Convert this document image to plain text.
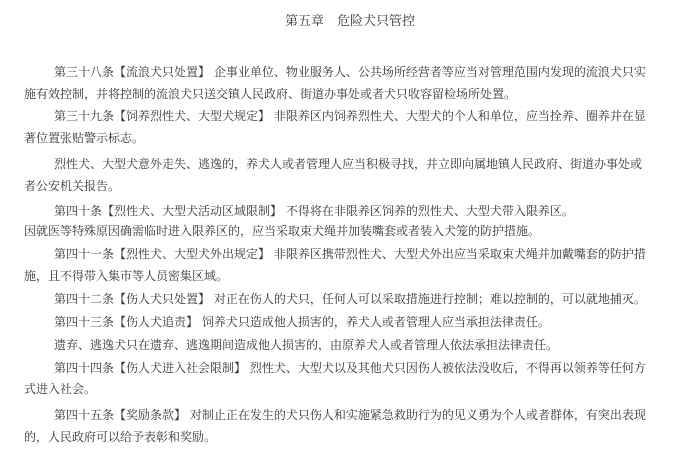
第五章　危险犬只管控
第三十八条【流浪犬只处置】 企事业单位、物业服务人、公共场所经营者等应当对管理范围内发现的流浪犬只实
施有效控制，并将控制的流浪犬只送交镇人民政府、街道办事处或者犬只收容留检场所处置。
第三十九条【饲养烈性犬、大型犬规定】 非限养区内饲养烈性犬、大型犬的个人和单位，应当拴养、圈养并在显
著位置张贴警示标志。
烈性犬、大型犬意外走失、逃逸的，养犬人或者管理人应当积极寻找，并立即向属地镇人民政府、街道办事处或
者公安机关报告。
第四十条【烈性犬、大型犬活动区域限制】 不得将在非限养区饲养的烈性犬、大型犬带入限养区。
因就医等特殊原因确需临时进入限养区的，应当采取束犬绳并加装嘴套或者装入犬笼的防护措施。
第四十一条【烈性犬、大型犬外出规定】 非限养区携带烈性犬、大型犬外出应当采取束犬绳并加戴嘴套的防护措
施，且不得带入集市等人员密集区域。
第四十二条【伤人犬只处置】 对正在伤人的犬只，任何人可以采取措施进行控制；难以控制的，可以就地捕灭。
第四十三条【伤人犬追责】 饲养犬只造成他人损害的，养犬人或者管理人应当承担法律责任。
遗弃、逃逸犬只在遗弃、逃逸期间造成他人损害的，由原养犬人或者管理人依法承担法律责任。
第四十四条【伤人犬进入社会限制】 烈性犬、大型犬以及其他犬只因伤人被依法没收后，不得再以领养等任何方
式进入社会。
第四十五条【奖励条款】 对制止正在发生的犬只伤人和实施紧急救助行为的见义勇为个人或者群体，有突出表现
的，人民政府可以给予表彰和奖励。
